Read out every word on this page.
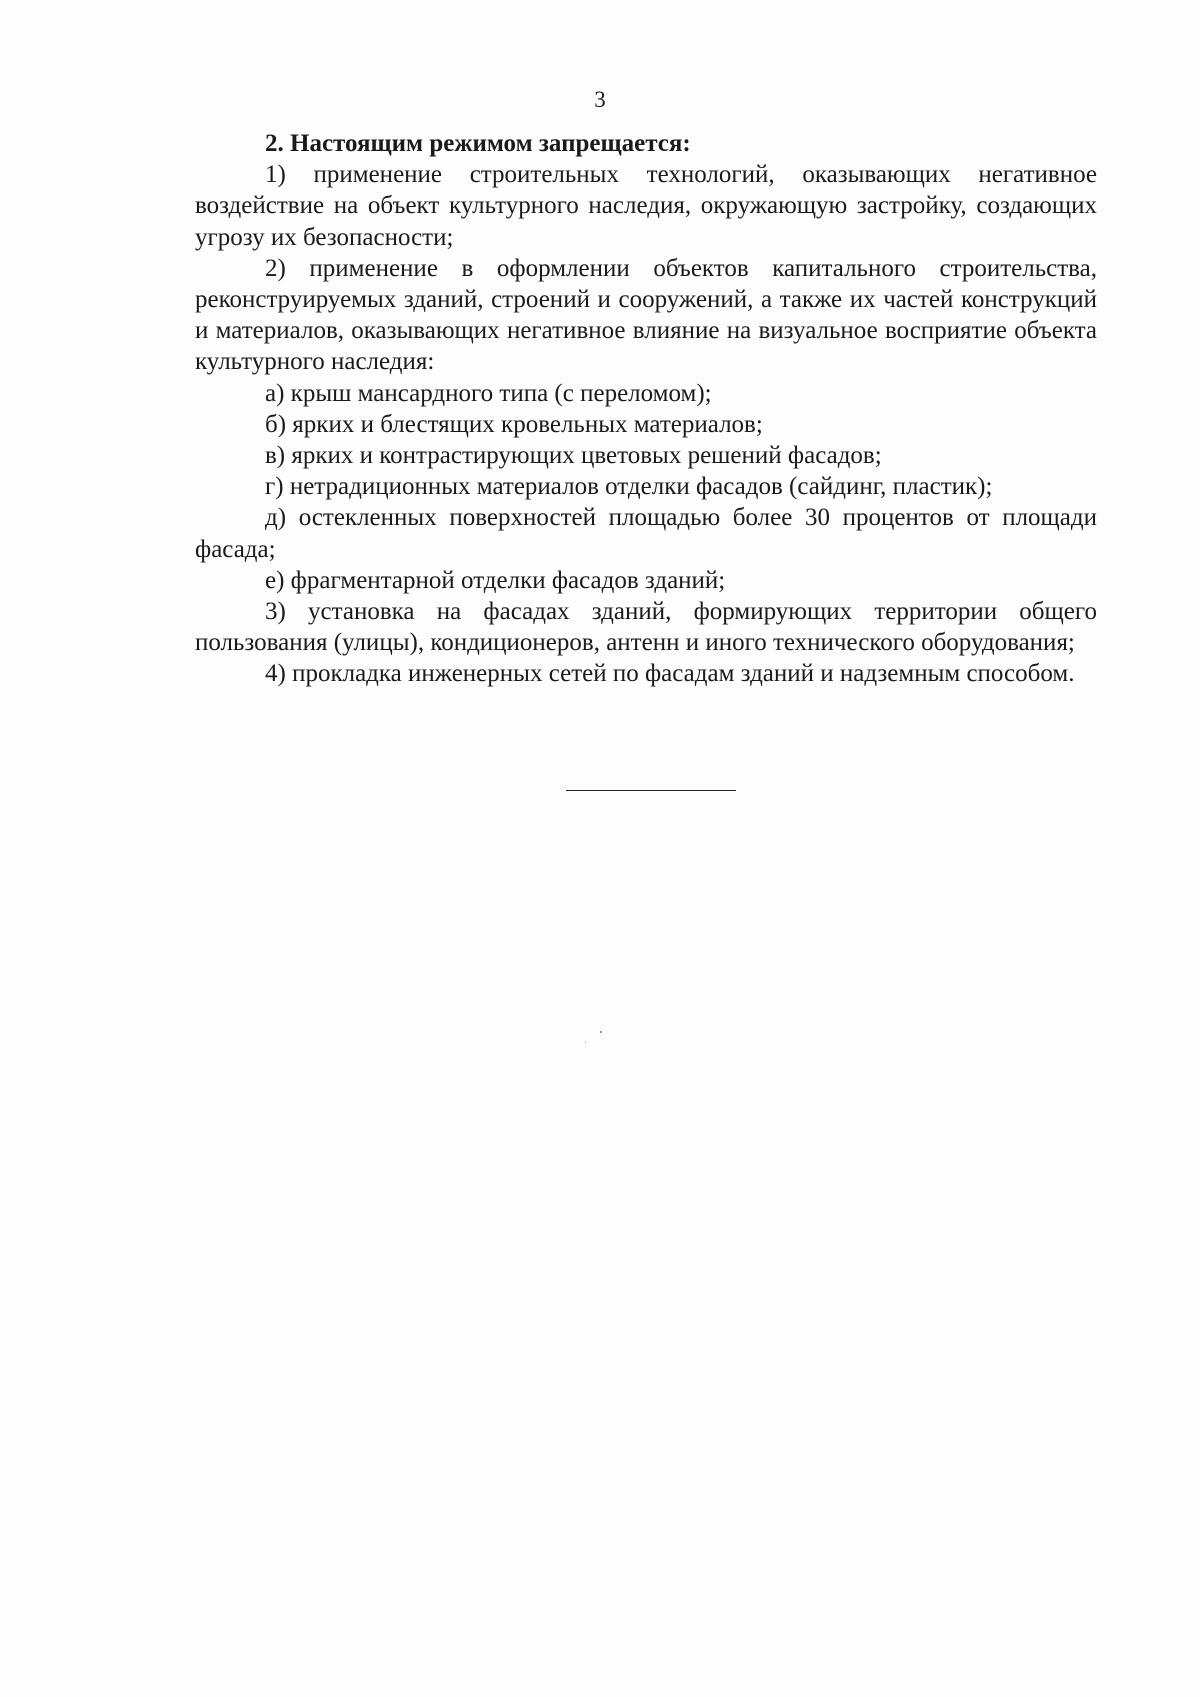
3

2. Настоящим режимом запрещается:

1) применение строительных технологий, оказывающих негативное воздействие на объект культурного наследия, окружающую застройку, создающих угрозу их безопасности;

2) применение в оформлении объектов капитального строительства, реконструируемых зданий, строений и сооружений, а также их частей конструкций и материалов, оказывающих негативное влияние на визуальное восприятие объекта культурного наследия:

а) крыш мансардного типа (с переломом);

б) ярких и блестящих кровельных материалов;

в) ярких и контрастирующих цветовых решений фасадов;

г) нетрадиционных материалов отделки фасадов (сайдинг, пластик);

д) остекленных поверхностей площадью более 30 процентов от площади фасада;

е) фрагментарной отделки фасадов зданий;

3) установка на фасадах зданий, формирующих территории общего пользования (улицы), кондиционеров, антенн и иного технического оборудования;

4) прокладка инженерных сетей по фасадам зданий и надземным способом.
